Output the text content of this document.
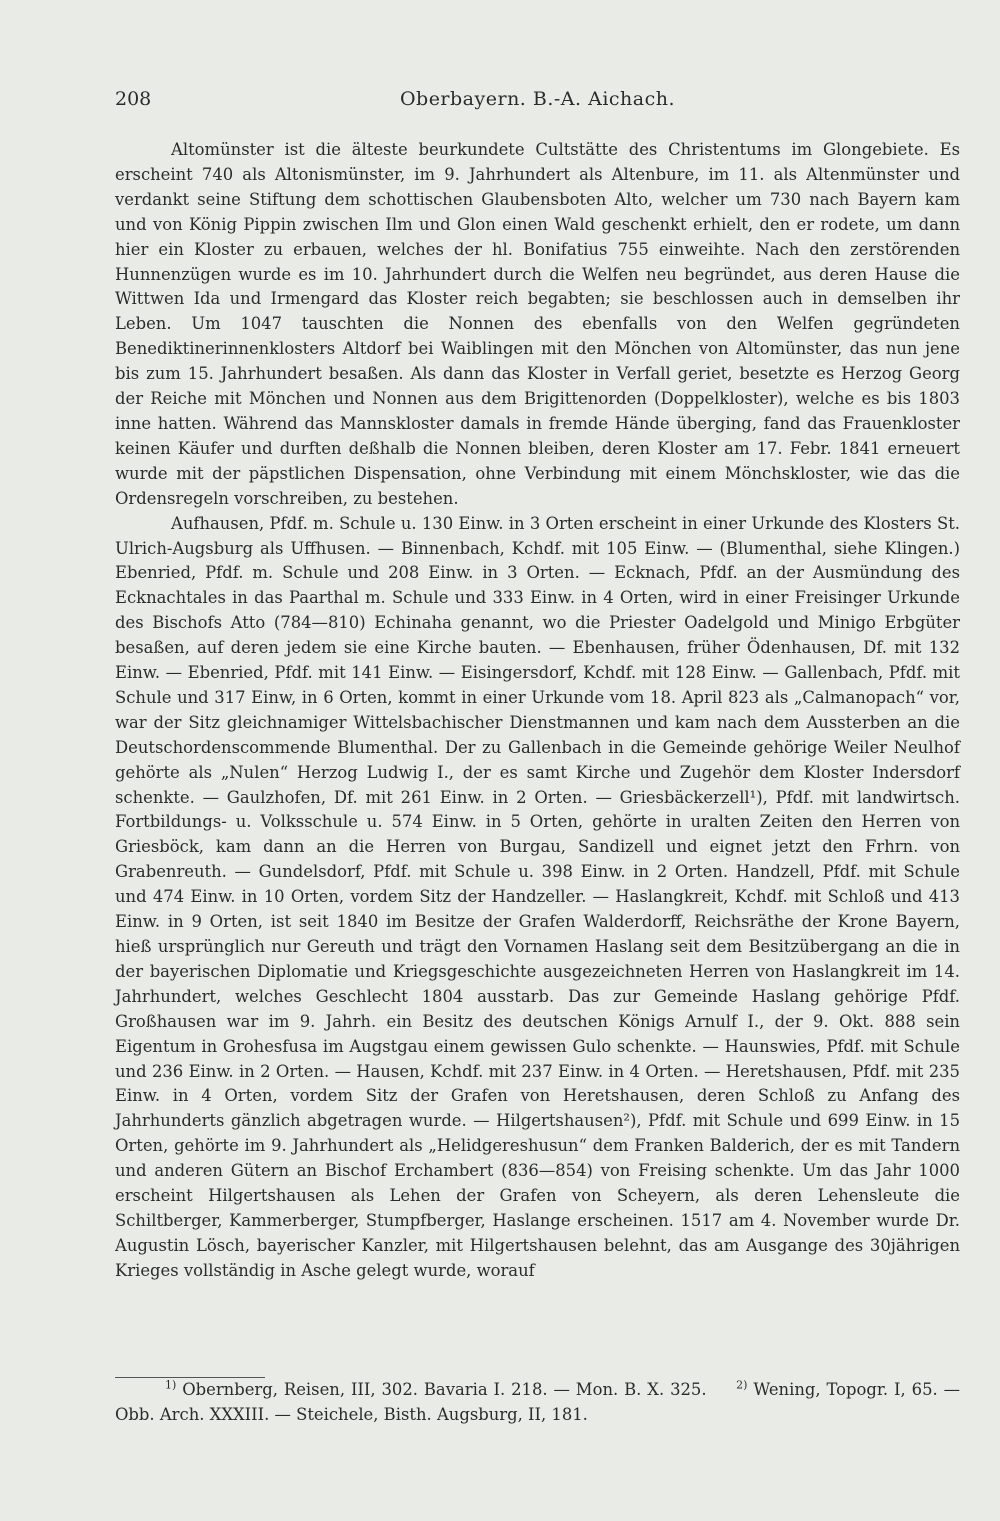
208	Oberbayern. B.-A. Aichach.

Altomünster ist die älteste beurkundete Cultstätte des Christentums im Glongebiete. Es erscheint 740 als Altonismünster, im 9. Jahrhundert als Altenbure, im 11. als Altenmünster und verdankt seine Stiftung dem schottischen Glaubensboten Alto, welcher um 730 nach Bayern kam und von König Pippin zwischen Ilm und Glon einen Wald geschenkt erhielt, den er rodete, um dann hier ein Kloster zu erbauen, welches der hl. Bonifatius 755 einweihte. Nach den zerstörenden Hunnenzügen wurde es im 10. Jahrhundert durch die Welfen neu begründet, aus deren Hause die Wittwen Ida und Irmengard das Kloster reich begabten; sie beschlossen auch in demselben ihr Leben. Um 1047 tauschten die Nonnen des ebenfalls von den Welfen gegründeten Benediktinerinnenklosters Altdorf bei Waiblingen mit den Mönchen von Altomünster, das nun jene bis zum 15. Jahrhundert besaßen. Als dann das Kloster in Verfall geriet, besetzte es Herzog Georg der Reiche mit Mönchen und Nonnen aus dem Brigittenorden (Doppelkloster), welche es bis 1803 inne hatten. Während das Mannskloster damals in fremde Hände überging, fand das Frauenkloster keinen Käufer und durften deßhalb die Nonnen bleiben, deren Kloster am 17. Febr. 1841 erneuert wurde mit der päpstlichen Dispensation, ohne Verbindung mit einem Mönchskloster, wie das die Ordensregeln vorschreiben, zu bestehen.

Aufhausen, Pfdf. m. Schule u. 130 Einw. in 3 Orten erscheint in einer Urkunde des Klosters St. Ulrich-Augsburg als Uffhusen. — Binnenbach, Kchdf. mit 105 Einw. — (Blumenthal, siehe Klingen.) Ebenried, Pfdf. m. Schule und 208 Einw. in 3 Orten. — Ecknach, Pfdf. an der Ausmündung des Ecknachtales in das Paarthal m. Schule und 333 Einw. in 4 Orten, wird in einer Freisinger Urkunde des Bischofs Atto (784—810) Echinaha genannt, wo die Priester Oadelgold und Minigo Erbgüter besaßen, auf deren jedem sie eine Kirche bauten. — Ebenhausen, früher Ödenhausen, Df. mit 132 Einw. — Ebenried, Pfdf. mit 141 Einw. — Eisingersdorf, Kchdf. mit 128 Einw. — Gallenbach, Pfdf. mit Schule und 317 Einw, in 6 Orten, kommt in einer Urkunde vom 18. April 823 als „Calmanopach“ vor, war der Sitz gleichnamiger Wittelsbachischer Dienstmannen und kam nach dem Aussterben an die Deutschordenscommende Blumenthal. Der zu Gallenbach in die Gemeinde gehörige Weiler Neulhof gehörte als „Nulen“ Herzog Ludwig I., der es samt Kirche und Zugehör dem Kloster Indersdorf schenkte. — Gaulzhofen, Df. mit 261 Einw. in 2 Orten. — Griesbäckerzell¹), Pfdf. mit landwirtsch. Fortbildungs- u. Volksschule u. 574 Einw. in 5 Orten, gehörte in uralten Zeiten den Herren von Griesböck, kam dann an die Herren von Burgau, Sandizell und eignet jetzt den Frhrn. von Grabenreuth. — Gundelsdorf, Pfdf. mit Schule u. 398 Einw. in 2 Orten. Handzell, Pfdf. mit Schule und 474 Einw. in 10 Orten, vordem Sitz der Handzeller. — Haslangkreit, Kchdf. mit Schloß und 413 Einw. in 9 Orten, ist seit 1840 im Besitze der Grafen Walderdorff, Reichsräthe der Krone Bayern, hieß ursprünglich nur Gereuth und trägt den Vornamen Haslang seit dem Besitzübergang an die in der bayerischen Diplomatie und Kriegsgeschichte ausgezeichneten Herren von Haslangkreit im 14. Jahrhundert, welches Geschlecht 1804 ausstarb. Das zur Gemeinde Haslang gehörige Pfdf. Großhausen war im 9. Jahrh. ein Besitz des deutschen Königs Arnulf I., der 9. Okt. 888 sein Eigentum in Grohesfusa im Augstgau einem gewissen Gulo schenkte. — Haunswies, Pfdf. mit Schule und 236 Einw. in 2 Orten. — Hausen, Kchdf. mit 237 Einw. in 4 Orten. — Heretshausen, Pfdf. mit 235 Einw. in 4 Orten, vordem Sitz der Grafen von Heretshausen, deren Schloß zu Anfang des Jahrhunderts gänzlich abgetragen wurde. — Hilgertshausen²), Pfdf. mit Schule und 699 Einw. in 15 Orten, gehörte im 9. Jahrhundert als „Helidgereshusun“ dem Franken Balderich, der es mit Tandern und anderen Gütern an Bischof Erchambert (836—854) von Freising schenkte. Um das Jahr 1000 erscheint Hilgertshausen als Lehen der Grafen von Scheyern, als deren Lehensleute die Schiltberger, Kammerberger, Stumpfberger, Haslange erscheinen. 1517 am 4. November wurde Dr. Augustin Lösch, bayerischer Kanzler, mit Hilgertshausen belehnt, das am Ausgange des 30jährigen Krieges vollständig in Asche gelegt wurde, worauf

$^{1)}$ Obernberg, Reisen, III, 302. Bavaria I. 218. — Mon. B. X. 325.	$^{2)}$ Wening, Topogr. I, 65. — Obb. Arch. XXXIII. — Steichele, Bisth. Augsburg, II, 181.
